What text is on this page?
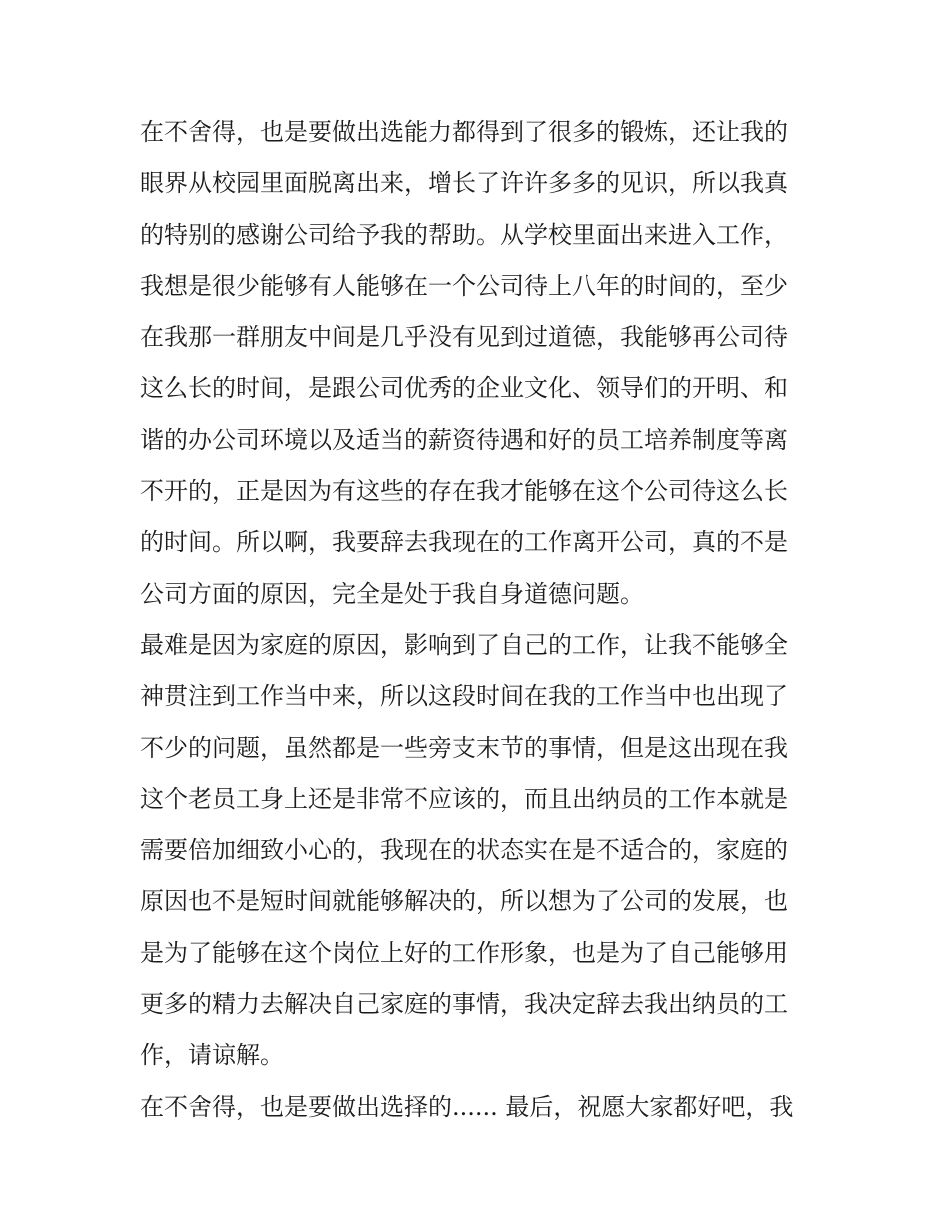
在不舍得，也是要做出选能力都得到了很多的锻炼，还让我的
眼界从校园里面脱离出来，增长了许许多多的见识，所以我真
的特别的感谢公司给予我的帮助。从学校里面出来进入工作，
我想是很少能够有人能够在一个公司待上八年的时间的，至少
在我那一群朋友中间是几乎没有见到过道德，我能够再公司待
这么长的时间，是跟公司优秀的企业文化、领导们的开明、和
谐的办公司环境以及适当的薪资待遇和好的员工培养制度等离
不开的，正是因为有这些的存在我才能够在这个公司待这么长
的时间。所以啊，我要辞去我现在的工作离开公司，真的不是
公司方面的原因，完全是处于我自身道德问题。
最难是因为家庭的原因，影响到了自己的工作，让我不能够全
神贯注到工作当中来，所以这段时间在我的工作当中也出现了
不少的问题，虽然都是一些旁支末节的事情，但是这出现在我
这个老员工身上还是非常不应该的，而且出纳员的工作本就是
需要倍加细致小心的，我现在的状态实在是不适合的，家庭的
原因也不是短时间就能够解决的，所以想为了公司的发展，也
是为了能够在这个岗位上好的工作形象，也是为了自己能够用
更多的精力去解决自己家庭的事情，我决定辞去我出纳员的工
作，请谅解。
在不舍得，也是要做出选择的...... 最后，祝愿大家都好吧，我
